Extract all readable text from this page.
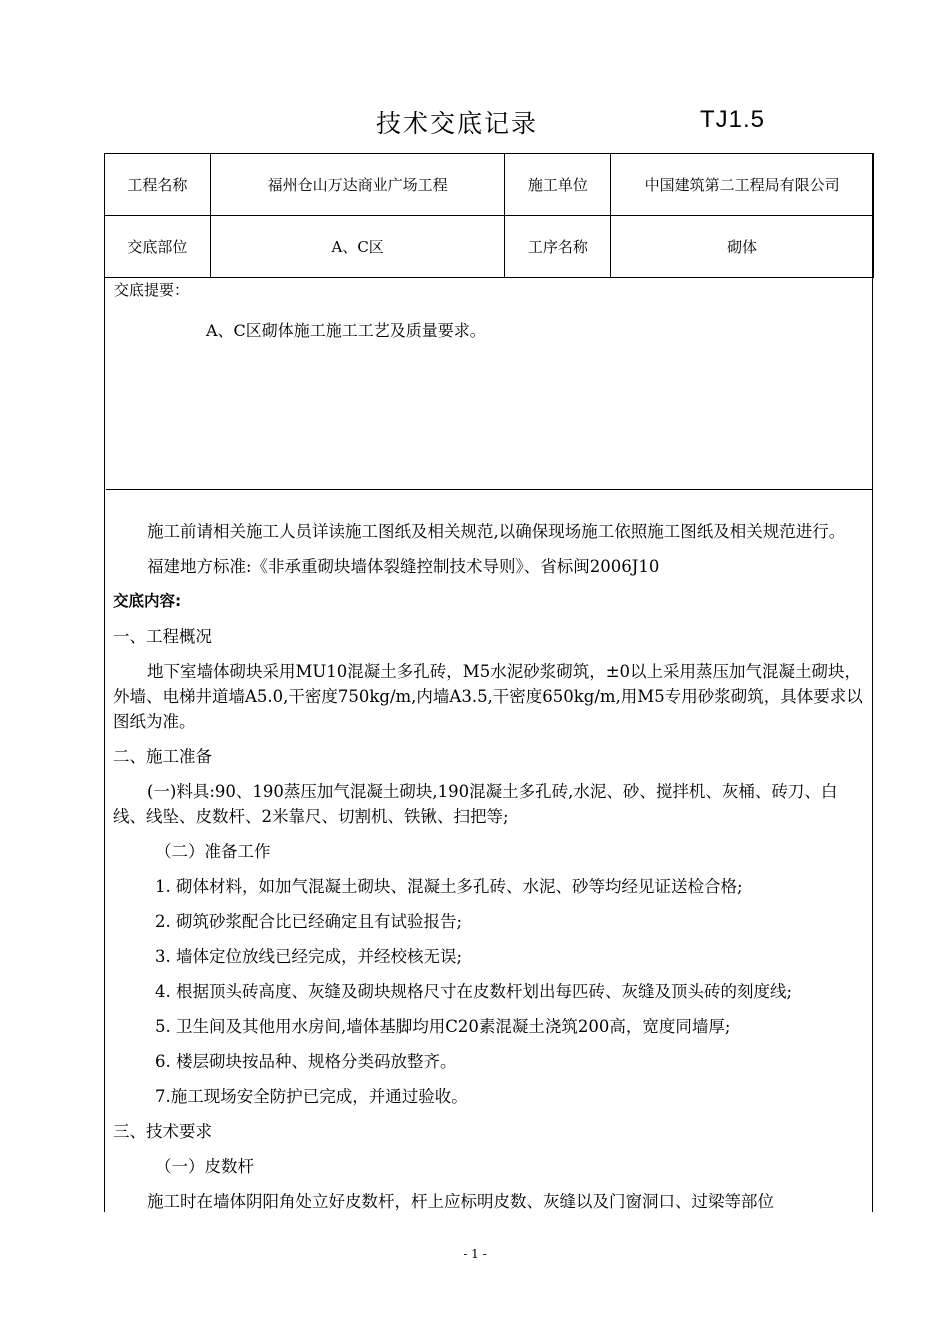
技术交底记录	TJ1.5
工程名称	福州仓山万达商业广场工程	施工单位	中国建筑第二工程局有限公司
交底部位	A、C区	工序名称	砌体
交底提要：
A、C区砌体施工施工工艺及质量要求。

施工前请相关施工人员详读施工图纸及相关规范,以确保现场施工依照施工图纸及相关规范进行。

福建地方标准:《非承重砌块墙体裂缝控制技术导则》、省标闽2006J10

交底内容:

一、工程概况

地下室墙体砌块采用MU10混凝土多孔砖，M5水泥砂浆砌筑，±0以上采用蒸压加气混凝土砌块，外墙、电梯井道墙A5.0,干密度750kg/m,内墙A3.5,干密度650kg/m,用M5专用砂浆砌筑，具体要求以图纸为准。

二、施工准备

(一)料具:90、190蒸压加气混凝土砌块,190混凝土多孔砖,水泥、砂、搅拌机、灰桶、砖刀、白线、线坠、皮数杆、2米靠尺、切割机、铁锹、扫把等;

（二）准备工作

1. 砌体材料，如加气混凝土砌块、混凝土多孔砖、水泥、砂等均经见证送检合格;

2. 砌筑砂浆配合比已经确定且有试验报告;

3. 墙体定位放线已经完成，并经校核无误;

4. 根据顶头砖高度、灰缝及砌块规格尺寸在皮数杆划出每匹砖、灰缝及顶头砖的刻度线;

5. 卫生间及其他用水房间,墙体基脚均用C20素混凝土浇筑200高，宽度同墙厚;

6. 楼层砌块按品种、规格分类码放整齐。

7.施工现场安全防护已完成，并通过验收。

三、技术要求

（一）皮数杆

施工时在墙体阴阳角处立好皮数杆，杆上应标明皮数、灰缝以及门窗洞口、过梁等部位

- 1 -
